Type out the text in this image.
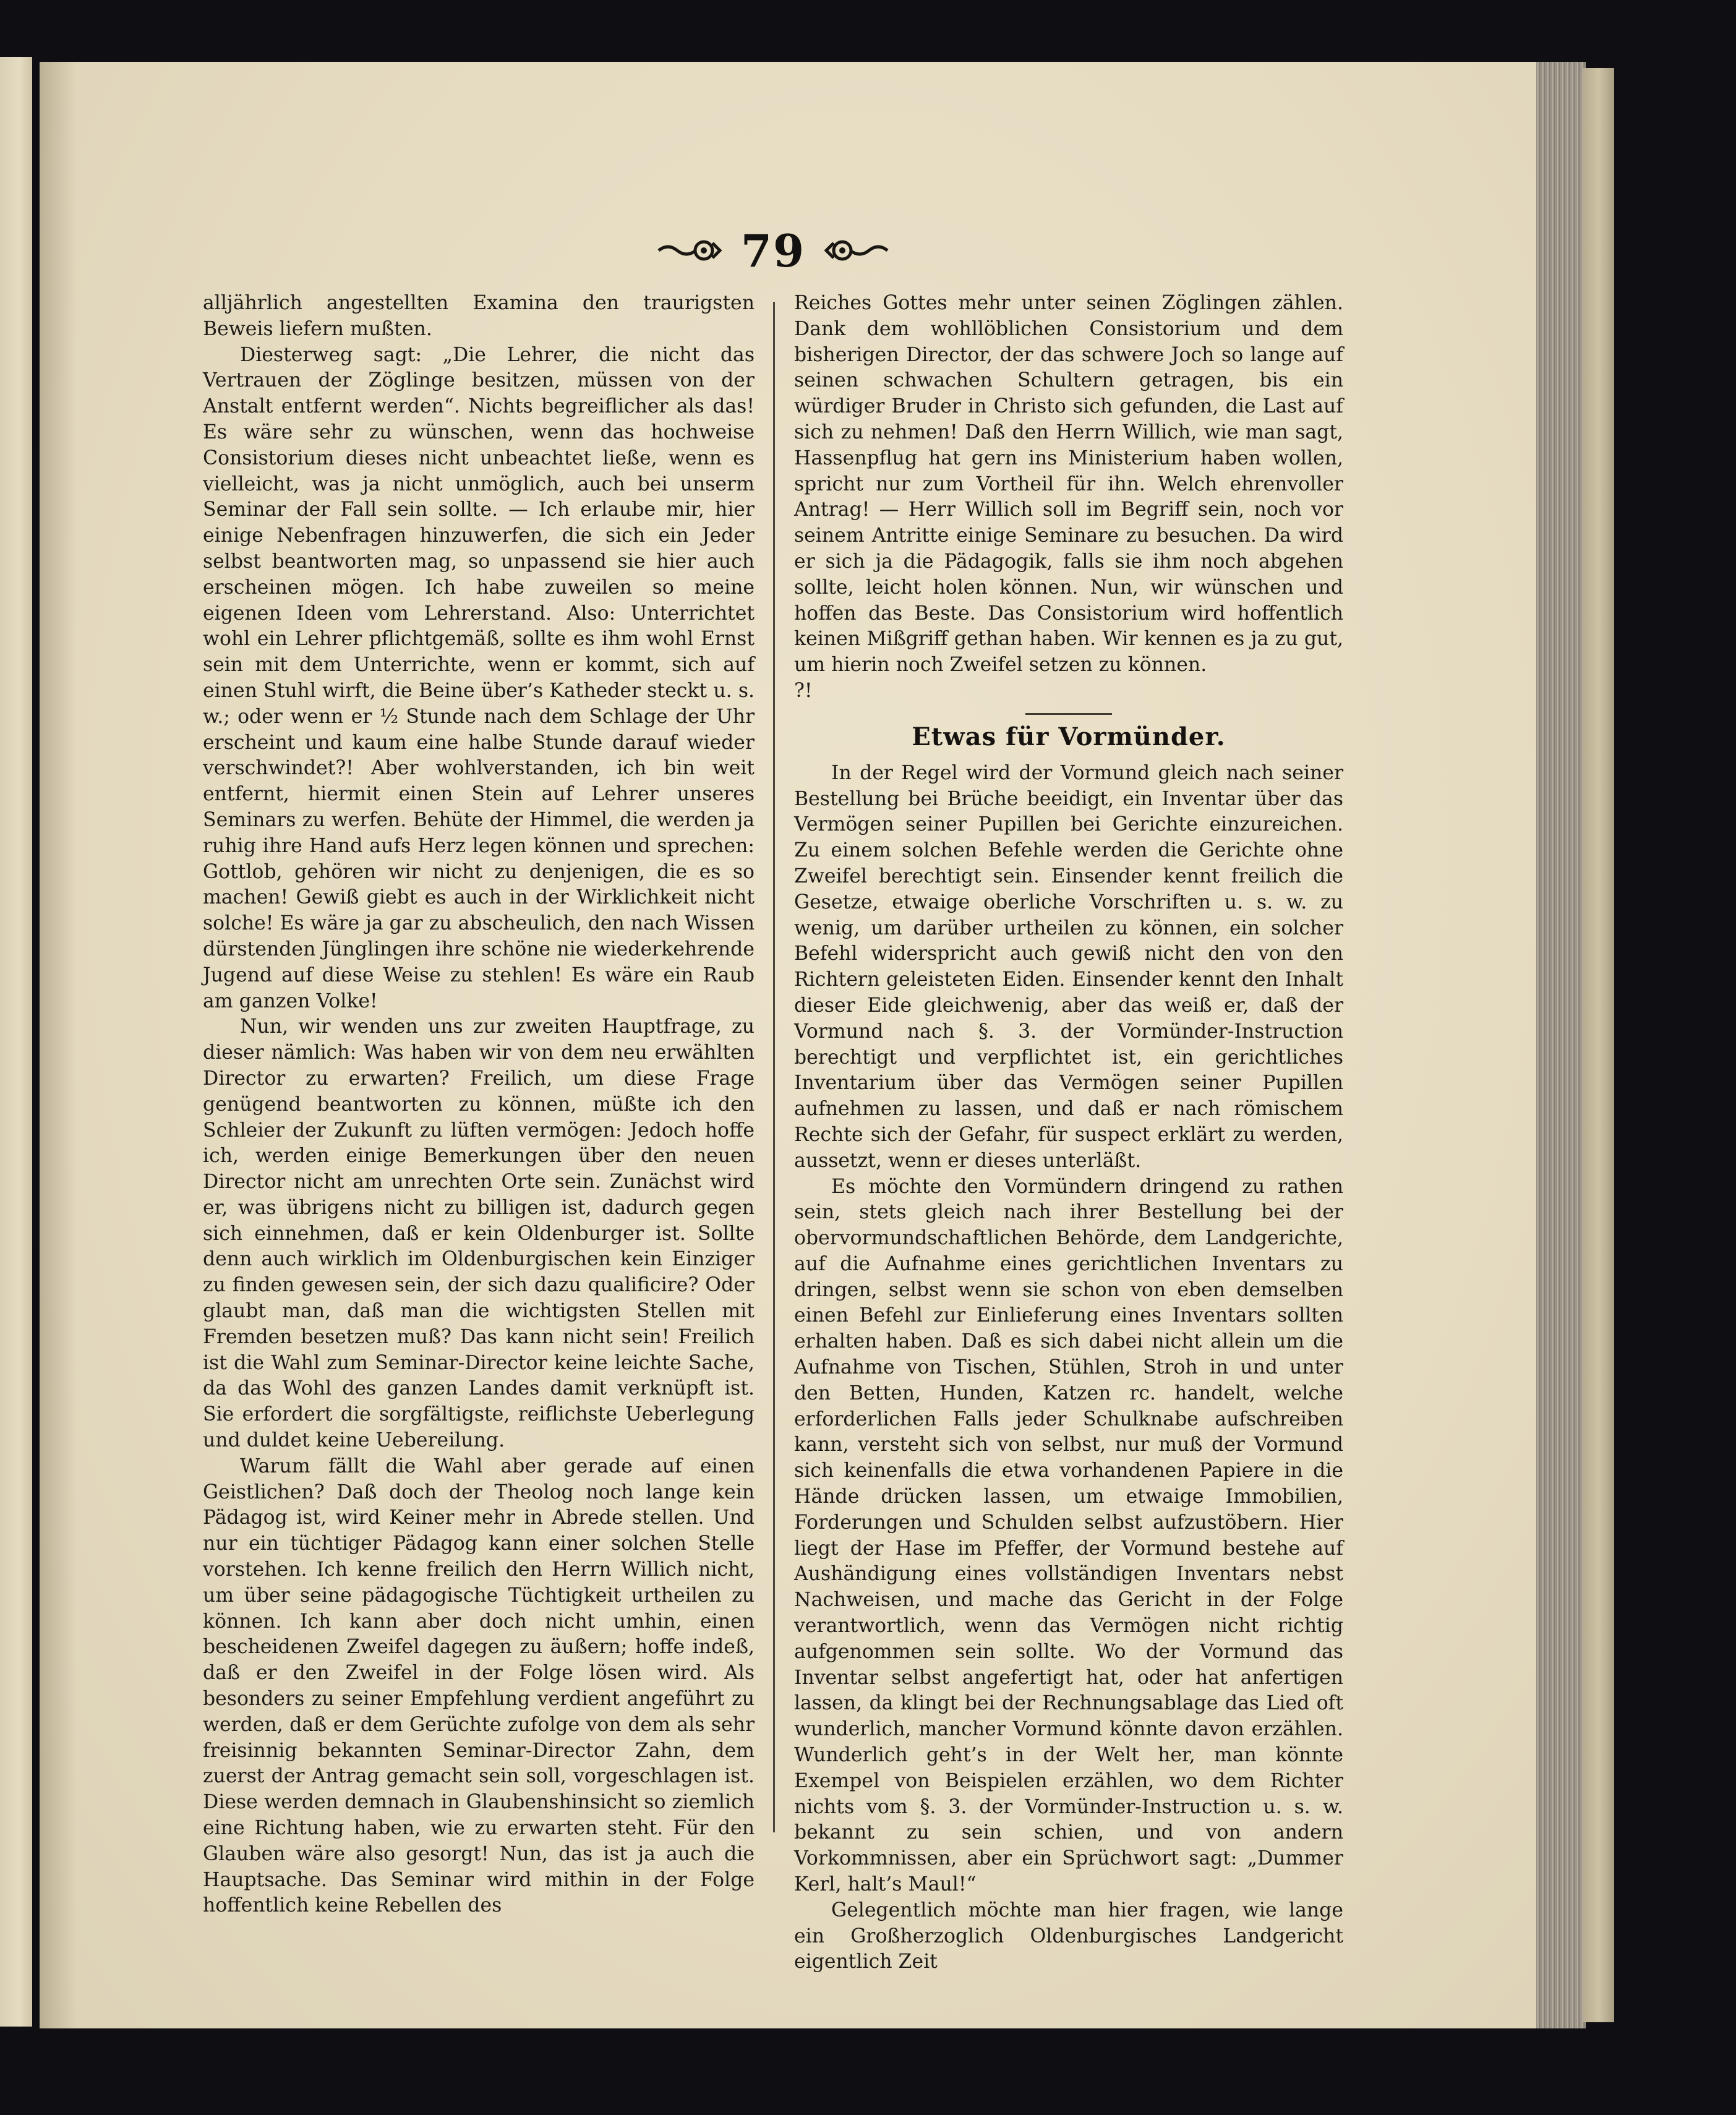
79

alljährlich angestellten Examina den traurigsten Beweis liefern mußten.

Diesterweg sagt: „Die Lehrer, die nicht das Vertrauen der Zöglinge besitzen, müssen von der Anstalt entfernt werden“. Nichts begreiflicher als das! Es wäre sehr zu wünschen, wenn das hochweise Consistorium dieses nicht unbeachtet ließe, wenn es vielleicht, was ja nicht unmöglich, auch bei unserm Seminar der Fall sein sollte. — Ich erlaube mir, hier einige Nebenfragen hinzuwerfen, die sich ein Jeder selbst beantworten mag, so unpassend sie hier auch erscheinen mögen. Ich habe zuweilen so meine eigenen Ideen vom Lehrerstand. Also: Unterrichtet wohl ein Lehrer pflichtgemäß, sollte es ihm wohl Ernst sein mit dem Unterrichte, wenn er kommt, sich auf einen Stuhl wirft, die Beine über’s Katheder steckt u. s. w.; oder wenn er ½ Stunde nach dem Schlage der Uhr erscheint und kaum eine halbe Stunde darauf wieder verschwindet?! Aber wohlverstanden, ich bin weit entfernt, hiermit einen Stein auf Lehrer unseres Seminars zu werfen. Behüte der Himmel, die werden ja ruhig ihre Hand aufs Herz legen können und sprechen: Gottlob, gehören wir nicht zu denjenigen, die es so machen! Gewiß giebt es auch in der Wirklichkeit nicht solche! Es wäre ja gar zu abscheulich, den nach Wissen dürstenden Jünglingen ihre schöne nie wiederkehrende Jugend auf diese Weise zu stehlen! Es wäre ein Raub am ganzen Volke!

Nun, wir wenden uns zur zweiten Hauptfrage, zu dieser nämlich: Was haben wir von dem neu erwählten Director zu erwarten? Freilich, um diese Frage genügend beantworten zu können, müßte ich den Schleier der Zukunft zu lüften vermögen: Jedoch hoffe ich, werden einige Bemerkungen über den neuen Director nicht am unrechten Orte sein. Zunächst wird er, was übrigens nicht zu billigen ist, dadurch gegen sich einnehmen, daß er kein Oldenburger ist. Sollte denn auch wirklich im Oldenburgischen kein Einziger zu finden gewesen sein, der sich dazu qualificire? Oder glaubt man, daß man die wichtigsten Stellen mit Fremden besetzen muß? Das kann nicht sein! Freilich ist die Wahl zum Seminar-Director keine leichte Sache, da das Wohl des ganzen Landes damit verknüpft ist. Sie erfordert die sorgfältigste, reiflichste Ueberlegung und duldet keine Uebereilung.

Warum fällt die Wahl aber gerade auf einen Geistlichen? Daß doch der Theolog noch lange kein Pädagog ist, wird Keiner mehr in Abrede stellen. Und nur ein tüchtiger Pädagog kann einer solchen Stelle vorstehen. Ich kenne freilich den Herrn Willich nicht, um über seine pädagogische Tüchtigkeit urtheilen zu können. Ich kann aber doch nicht umhin, einen bescheidenen Zweifel dagegen zu äußern; hoffe indeß, daß er den Zweifel in der Folge lösen wird. Als besonders zu seiner Empfehlung verdient angeführt zu werden, daß er dem Gerüchte zufolge von dem als sehr freisinnig bekannten Seminar-Director Zahn, dem zuerst der Antrag gemacht sein soll, vorgeschlagen ist. Diese werden demnach in Glaubenshinsicht so ziemlich eine Richtung haben, wie zu erwarten steht. Für den Glauben wäre also gesorgt! Nun, das ist ja auch die Hauptsache. Das Seminar wird mithin in der Folge hoffentlich keine Rebellen des

Reiches Gottes mehr unter seinen Zöglingen zählen. Dank dem wohllöblichen Consistorium und dem bisherigen Director, der das schwere Joch so lange auf seinen schwachen Schultern getragen, bis ein würdiger Bruder in Christo sich gefunden, die Last auf sich zu nehmen! Daß den Herrn Willich, wie man sagt, Hassenpflug hat gern ins Ministerium haben wollen, spricht nur zum Vortheil für ihn. Welch ehrenvoller Antrag! — Herr Willich soll im Begriff sein, noch vor seinem Antritte einige Seminare zu besuchen. Da wird er sich ja die Pädagogik, falls sie ihm noch abgehen sollte, leicht holen können. Nun, wir wünschen und hoffen das Beste. Das Consistorium wird hoffentlich keinen Mißgriff gethan haben. Wir kennen es ja zu gut, um hierin noch Zweifel setzen zu können.

?!

Etwas für Vormünder.

In der Regel wird der Vormund gleich nach seiner Bestellung bei Brüche beeidigt, ein Inventar über das Vermögen seiner Pupillen bei Gerichte einzureichen. Zu einem solchen Befehle werden die Gerichte ohne Zweifel berechtigt sein. Einsender kennt freilich die Gesetze, etwaige oberliche Vorschriften u. s. w. zu wenig, um darüber urtheilen zu können, ein solcher Befehl widerspricht auch gewiß nicht den von den Richtern geleisteten Eiden. Einsender kennt den Inhalt dieser Eide gleichwenig, aber das weiß er, daß der Vormund nach §. 3. der Vormünder-Instruction berechtigt und verpflichtet ist, ein gerichtliches Inventarium über das Vermögen seiner Pupillen aufnehmen zu lassen, und daß er nach römischem Rechte sich der Gefahr, für suspect erklärt zu werden, aussetzt, wenn er dieses unterläßt.

Es möchte den Vormündern dringend zu rathen sein, stets gleich nach ihrer Bestellung bei der obervormundschaftlichen Behörde, dem Landgerichte, auf die Aufnahme eines gerichtlichen Inventars zu dringen, selbst wenn sie schon von eben demselben einen Befehl zur Einlieferung eines Inventars sollten erhalten haben. Daß es sich dabei nicht allein um die Aufnahme von Tischen, Stühlen, Stroh in und unter den Betten, Hunden, Katzen rc. handelt, welche erforderlichen Falls jeder Schulknabe aufschreiben kann, versteht sich von selbst, nur muß der Vormund sich keinenfalls die etwa vorhandenen Papiere in die Hände drücken lassen, um etwaige Immobilien, Forderungen und Schulden selbst aufzustöbern. Hier liegt der Hase im Pfeffer, der Vormund bestehe auf Aushändigung eines vollständigen Inventars nebst Nachweisen, und mache das Gericht in der Folge verantwortlich, wenn das Vermögen nicht richtig aufgenommen sein sollte. Wo der Vormund das Inventar selbst angefertigt hat, oder hat anfertigen lassen, da klingt bei der Rechnungsablage das Lied oft wunderlich, mancher Vormund könnte davon erzählen. Wunderlich geht’s in der Welt her, man könnte Exempel von Beispielen erzählen, wo dem Richter nichts vom §. 3. der Vormünder-Instruction u. s. w. bekannt zu sein schien, und von andern Vorkommnissen, aber ein Sprüchwort sagt: „Dummer Kerl, halt’s Maul!“

Gelegentlich möchte man hier fragen, wie lange ein Großherzoglich Oldenburgisches Landgericht eigentlich Zeit
